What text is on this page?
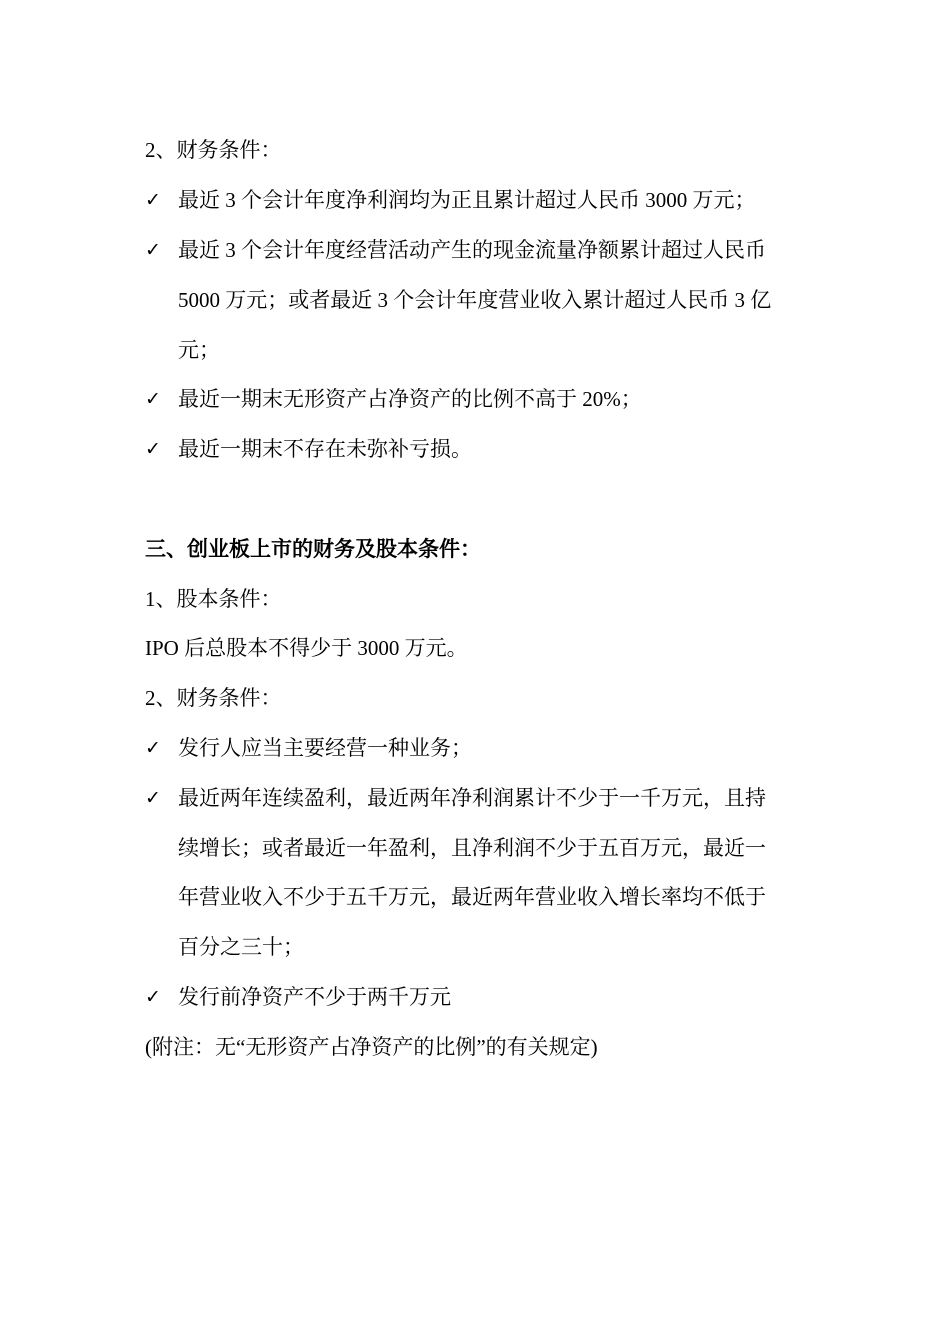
2、财务条件：
✓ 最近 3 个会计年度净利润均为正且累计超过人民币 3000 万元；
✓ 最近 3 个会计年度经营活动产生的现金流量净额累计超过人民币
5000 万元；或者最近 3 个会计年度营业收入累计超过人民币 3 亿
元；
✓ 最近一期末无形资产占净资产的比例不高于 20%；
✓ 最近一期末不存在未弥补亏损。
三、创业板上市的财务及股本条件：
1、股本条件：
IPO 后总股本不得少于 3000 万元。
2、财务条件：
✓ 发行人应当主要经营一种业务；
✓ 最近两年连续盈利，最近两年净利润累计不少于一千万元，且持
续增长；或者最近一年盈利，且净利润不少于五百万元，最近一
年营业收入不少于五千万元，最近两年营业收入增长率均不低于
百分之三十；
✓ 发行前净资产不少于两千万元
(附注：无“无形资产占净资产的比例”的有关规定)
